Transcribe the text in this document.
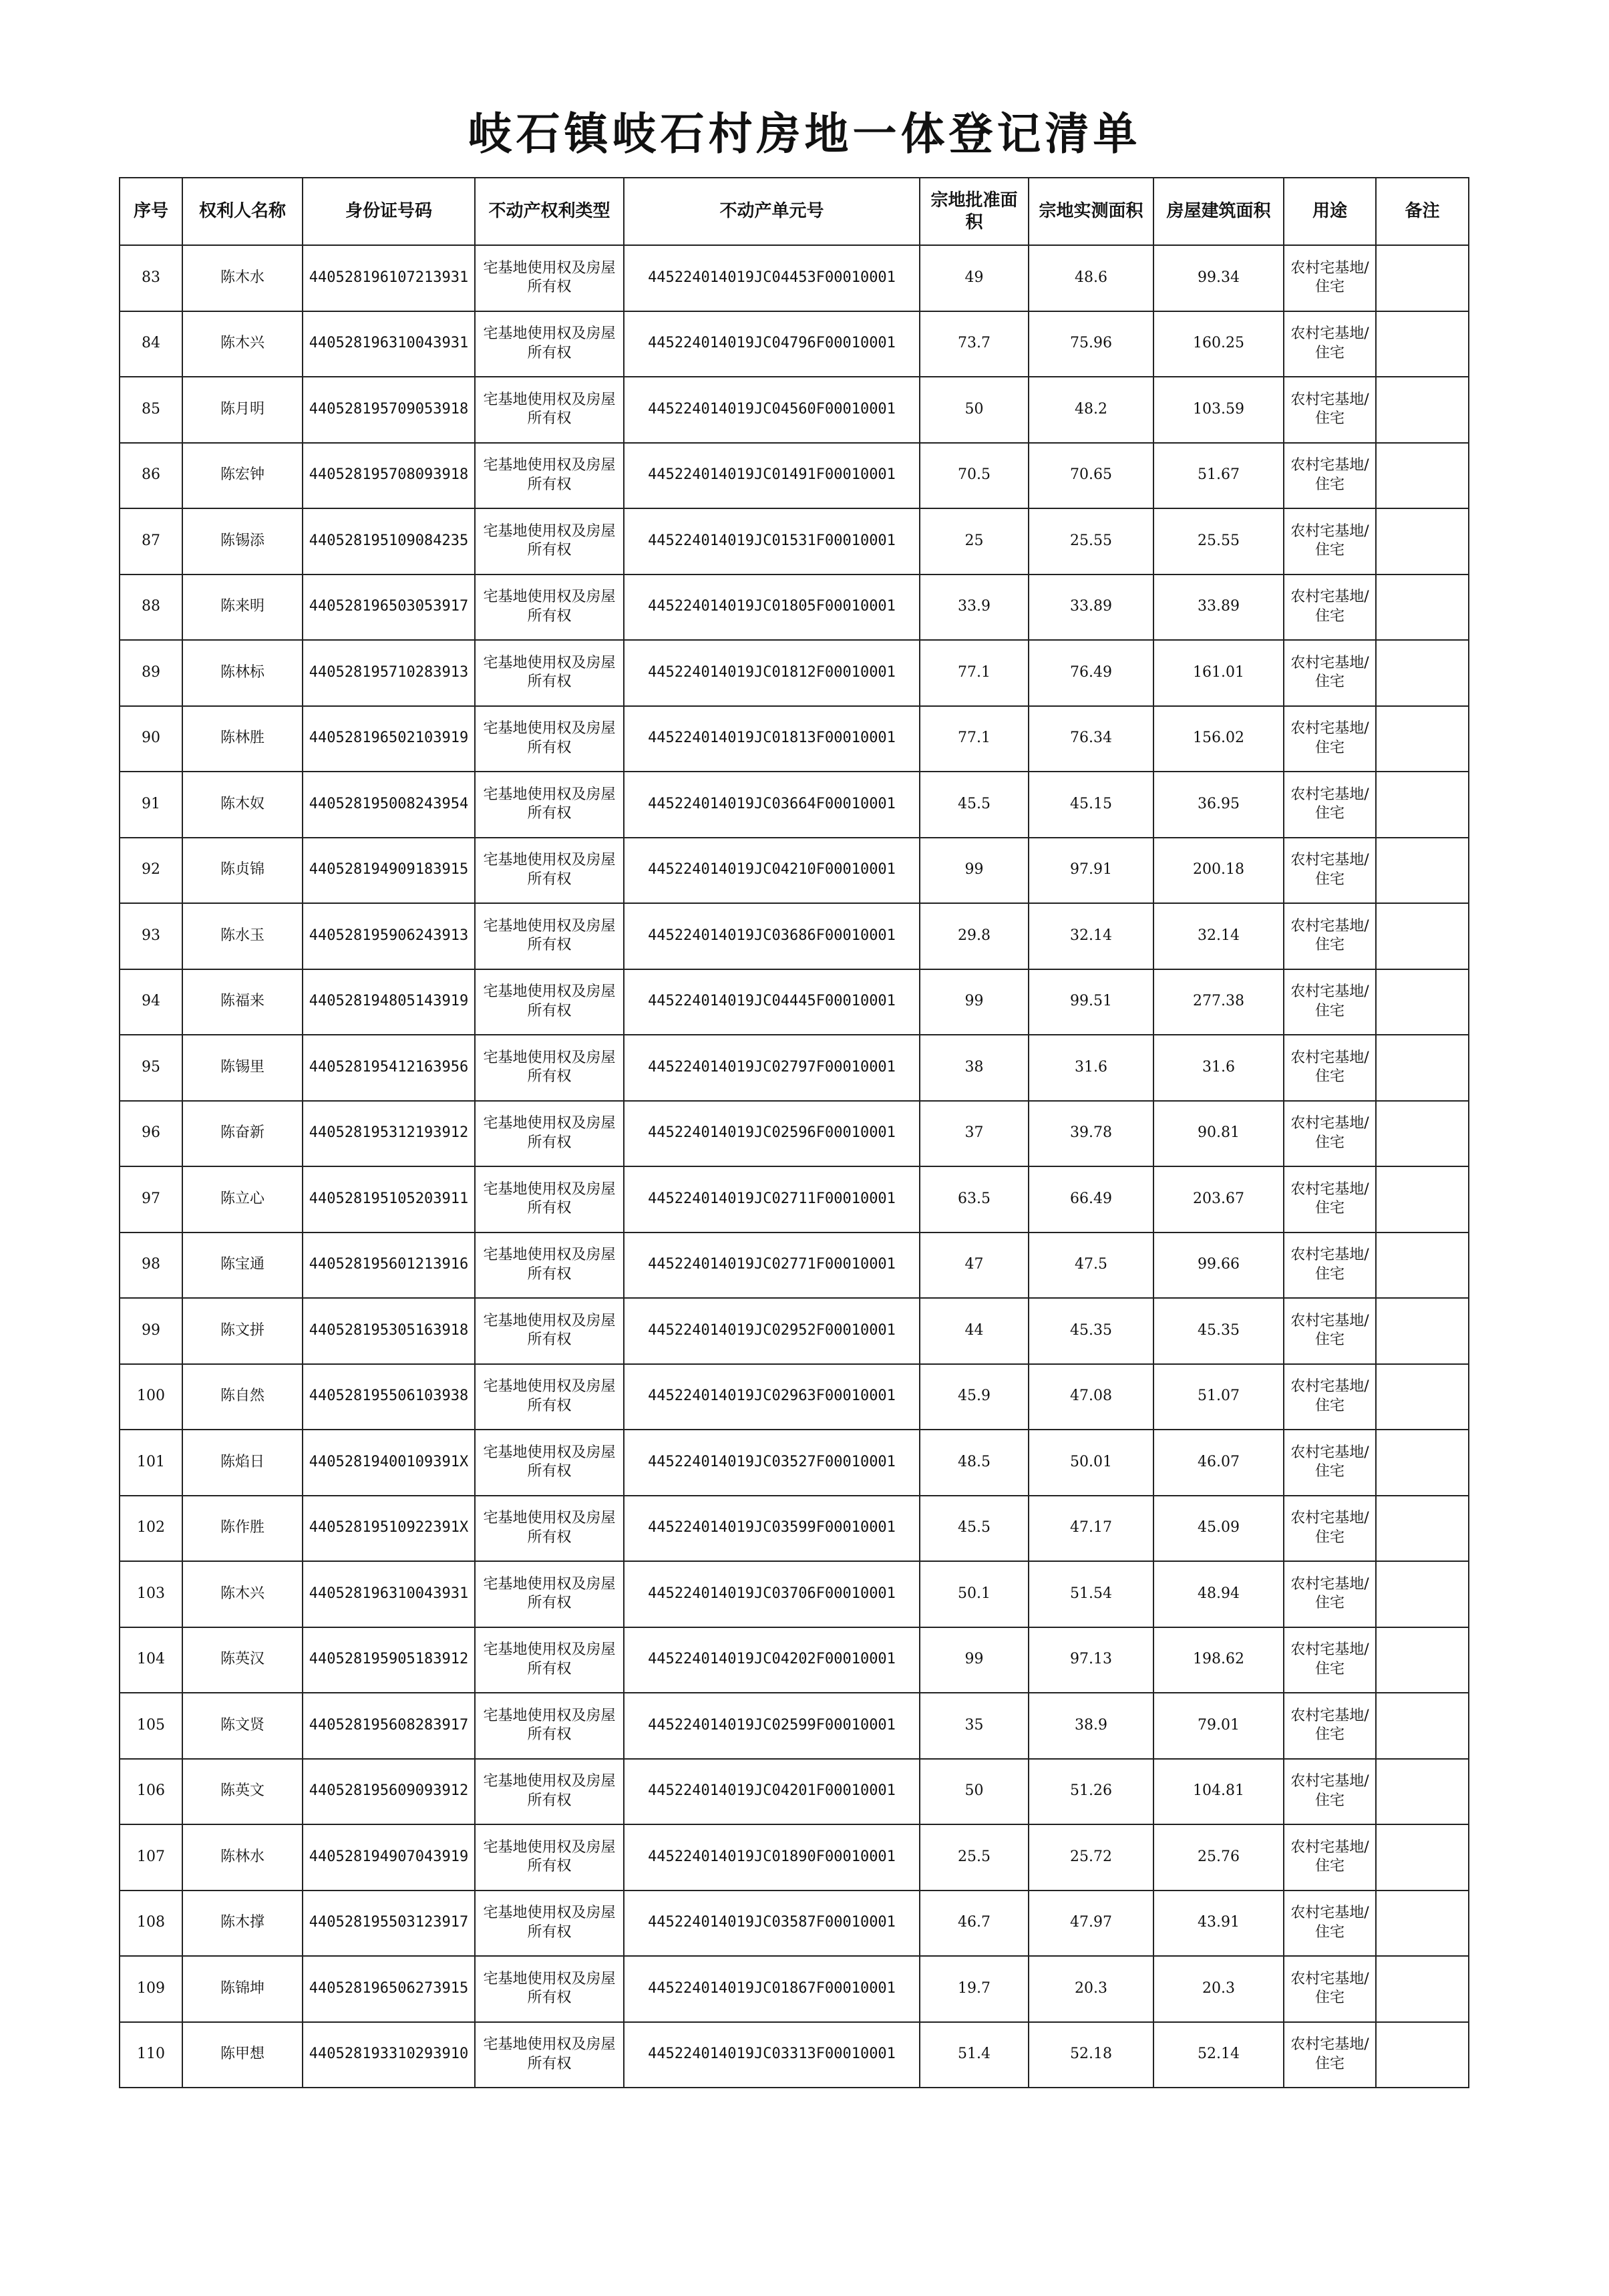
岐石镇岐石村房地一体登记清单
序号	权利人名称	身份证号码	不动产权利类型	不动产单元号	宗地批准面积	宗地实测面积	房屋建筑面积	用途	备注
83	陈木水	440528196107213931	宅基地使用权及房屋所有权	445224014019JC04453F00010001	49	48.6	99.34	农村宅基地/住宅	
84	陈木兴	440528196310043931	宅基地使用权及房屋所有权	445224014019JC04796F00010001	73.7	75.96	160.25	农村宅基地/住宅	
85	陈月明	440528195709053918	宅基地使用权及房屋所有权	445224014019JC04560F00010001	50	48.2	103.59	农村宅基地/住宅	
86	陈宏钟	440528195708093918	宅基地使用权及房屋所有权	445224014019JC01491F00010001	70.5	70.65	51.67	农村宅基地/住宅	
87	陈锡添	440528195109084235	宅基地使用权及房屋所有权	445224014019JC01531F00010001	25	25.55	25.55	农村宅基地/住宅	
88	陈来明	440528196503053917	宅基地使用权及房屋所有权	445224014019JC01805F00010001	33.9	33.89	33.89	农村宅基地/住宅	
89	陈林标	440528195710283913	宅基地使用权及房屋所有权	445224014019JC01812F00010001	77.1	76.49	161.01	农村宅基地/住宅	
90	陈林胜	440528196502103919	宅基地使用权及房屋所有权	445224014019JC01813F00010001	77.1	76.34	156.02	农村宅基地/住宅	
91	陈木奴	440528195008243954	宅基地使用权及房屋所有权	445224014019JC03664F00010001	45.5	45.15	36.95	农村宅基地/住宅	
92	陈贞锦	440528194909183915	宅基地使用权及房屋所有权	445224014019JC04210F00010001	99	97.91	200.18	农村宅基地/住宅	
93	陈水玉	440528195906243913	宅基地使用权及房屋所有权	445224014019JC03686F00010001	29.8	32.14	32.14	农村宅基地/住宅	
94	陈福来	440528194805143919	宅基地使用权及房屋所有权	445224014019JC04445F00010001	99	99.51	277.38	农村宅基地/住宅	
95	陈锡里	440528195412163956	宅基地使用权及房屋所有权	445224014019JC02797F00010001	38	31.6	31.6	农村宅基地/住宅	
96	陈奋新	440528195312193912	宅基地使用权及房屋所有权	445224014019JC02596F00010001	37	39.78	90.81	农村宅基地/住宅	
97	陈立心	440528195105203911	宅基地使用权及房屋所有权	445224014019JC02711F00010001	63.5	66.49	203.67	农村宅基地/住宅	
98	陈宝通	440528195601213916	宅基地使用权及房屋所有权	445224014019JC02771F00010001	47	47.5	99.66	农村宅基地/住宅	
99	陈文拼	440528195305163918	宅基地使用权及房屋所有权	445224014019JC02952F00010001	44	45.35	45.35	农村宅基地/住宅	
100	陈自然	440528195506103938	宅基地使用权及房屋所有权	445224014019JC02963F00010001	45.9	47.08	51.07	农村宅基地/住宅	
101	陈焰日	44052819400109391X	宅基地使用权及房屋所有权	445224014019JC03527F00010001	48.5	50.01	46.07	农村宅基地/住宅	
102	陈作胜	44052819510922391X	宅基地使用权及房屋所有权	445224014019JC03599F00010001	45.5	47.17	45.09	农村宅基地/住宅	
103	陈木兴	440528196310043931	宅基地使用权及房屋所有权	445224014019JC03706F00010001	50.1	51.54	48.94	农村宅基地/住宅	
104	陈英汉	440528195905183912	宅基地使用权及房屋所有权	445224014019JC04202F00010001	99	97.13	198.62	农村宅基地/住宅	
105	陈文贤	440528195608283917	宅基地使用权及房屋所有权	445224014019JC02599F00010001	35	38.9	79.01	农村宅基地/住宅	
106	陈英文	440528195609093912	宅基地使用权及房屋所有权	445224014019JC04201F00010001	50	51.26	104.81	农村宅基地/住宅	
107	陈林水	440528194907043919	宅基地使用权及房屋所有权	445224014019JC01890F00010001	25.5	25.72	25.76	农村宅基地/住宅	
108	陈木撑	440528195503123917	宅基地使用权及房屋所有权	445224014019JC03587F00010001	46.7	47.97	43.91	农村宅基地/住宅	
109	陈锦坤	440528196506273915	宅基地使用权及房屋所有权	445224014019JC01867F00010001	19.7	20.3	20.3	农村宅基地/住宅	
110	陈甲想	440528193310293910	宅基地使用权及房屋所有权	445224014019JC03313F00010001	51.4	52.18	52.14	农村宅基地/住宅	
